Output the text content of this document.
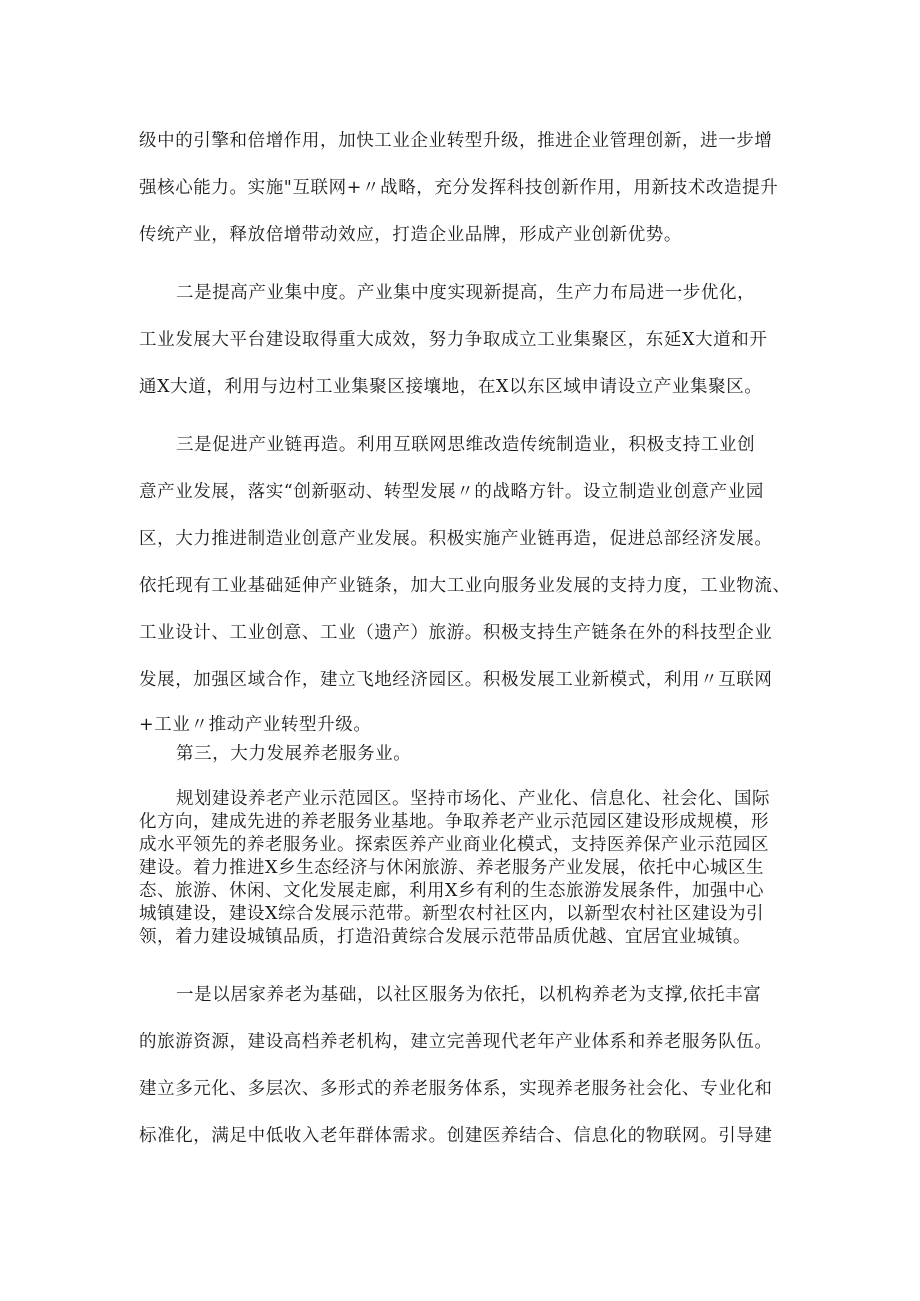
级中的引擎和倍增作用，加快工业企业转型升级，推进企业管理创新，进一步增
强核心能力。实施"互联网+〃战略，充分发挥科技创新作用，用新技术改造提升
传统产业，释放倍增带动效应，打造企业品牌，形成产业创新优势。
二是提高产业集中度。产业集中度实现新提高，生产力布局进一步优化，
工业发展大平台建设取得重大成效，努力争取成立工业集聚区，东延X大道和开
通X大道，利用与边村工业集聚区接壤地，在X以东区域申请设立产业集聚区。
三是促进产业链再造。利用互联网思维改造传统制造业，积极支持工业创
意产业发展，落实“创新驱动、转型发展〃的战略方针。设立制造业创意产业园
区，大力推进制造业创意产业发展。积极实施产业链再造，促进总部经济发展。
依托现有工业基础延伸产业链条，加大工业向服务业发展的支持力度，工业物流、
工业设计、工业创意、工业（遗产）旅游。积极支持生产链条在外的科技型企业
发展，加强区域合作，建立飞地经济园区。积极发展工业新模式，利用〃互联网
+工业〃推动产业转型升级。
第三，大力发展养老服务业。
规划建设养老产业示范园区。坚持市场化、产业化、信息化、社会化、国际
化方向，建成先进的养老服务业基地。争取养老产业示范园区建设形成规模，形
成水平领先的养老服务业。探索医养产业商业化模式，支持医养保产业示范园区
建设。着力推进X乡生态经济与休闲旅游、养老服务产业发展，依托中心城区生
态、旅游、休闲、文化发展走廊，利用X乡有利的生态旅游发展条件，加强中心
城镇建设，建设X综合发展示范带。新型农村社区内，以新型农村社区建设为引
领，着力建设城镇品质，打造沿黄综合发展示范带品质优越、宜居宜业城镇。
一是以居家养老为基础，以社区服务为依托，以机构养老为支撑,依托丰富
的旅游资源，建设高档养老机构，建立完善现代老年产业体系和养老服务队伍。
建立多元化、多层次、多形式的养老服务体系，实现养老服务社会化、专业化和
标准化，满足中低收入老年群体需求。创建医养结合、信息化的物联网。引导建
